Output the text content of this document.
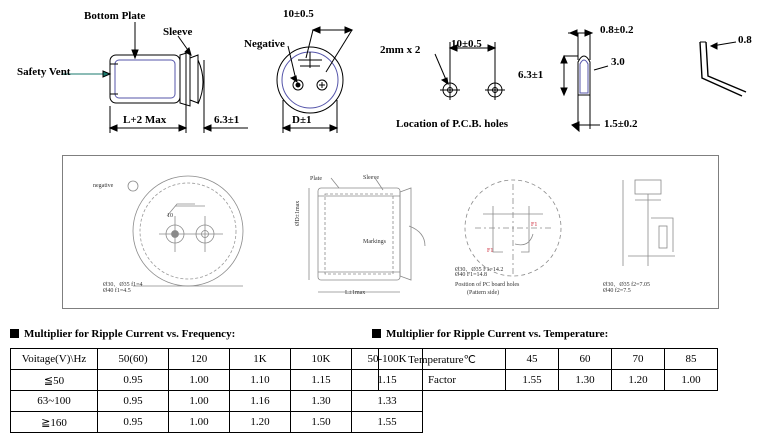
Bottom Plate
Sleeve
Safety Vent
Negative
L+2 Max	6.3±1	D±1
10±0.5
2mm x 2	10±0.5
Location of P.C.B. holes
0.8±0.2
0.8
6.3±1
3.0
1.5±0.2
Plate	Sleeve
Markings
negative
L±1max
ØD±1max
10
Position of PC board holes
(Pattern side)
Ø30、Ø35 F1=14.2
Ø40 F1=14.8
Ø30、Ø35 f1=4
Ø40 f1=4.5
Ø30、Ø35 f2=7.05
Ø40 f2=7.5
F1
F1
Multiplier for Ripple Current vs. Frequency:
Voitage(V)\Hz	50(60)	120	1K	10K	50-100K
≦50	0.95	1.00	1.10	1.15	1.15
63~100	0.95	1.00	1.16	1.30	1.33
≧160	0.95	1.00	1.20	1.50	1.55
Multiplier for Ripple Current vs. Temperature:
Temperature℃	45	60	70	85
Factor	1.55	1.30	1.20	1.00
